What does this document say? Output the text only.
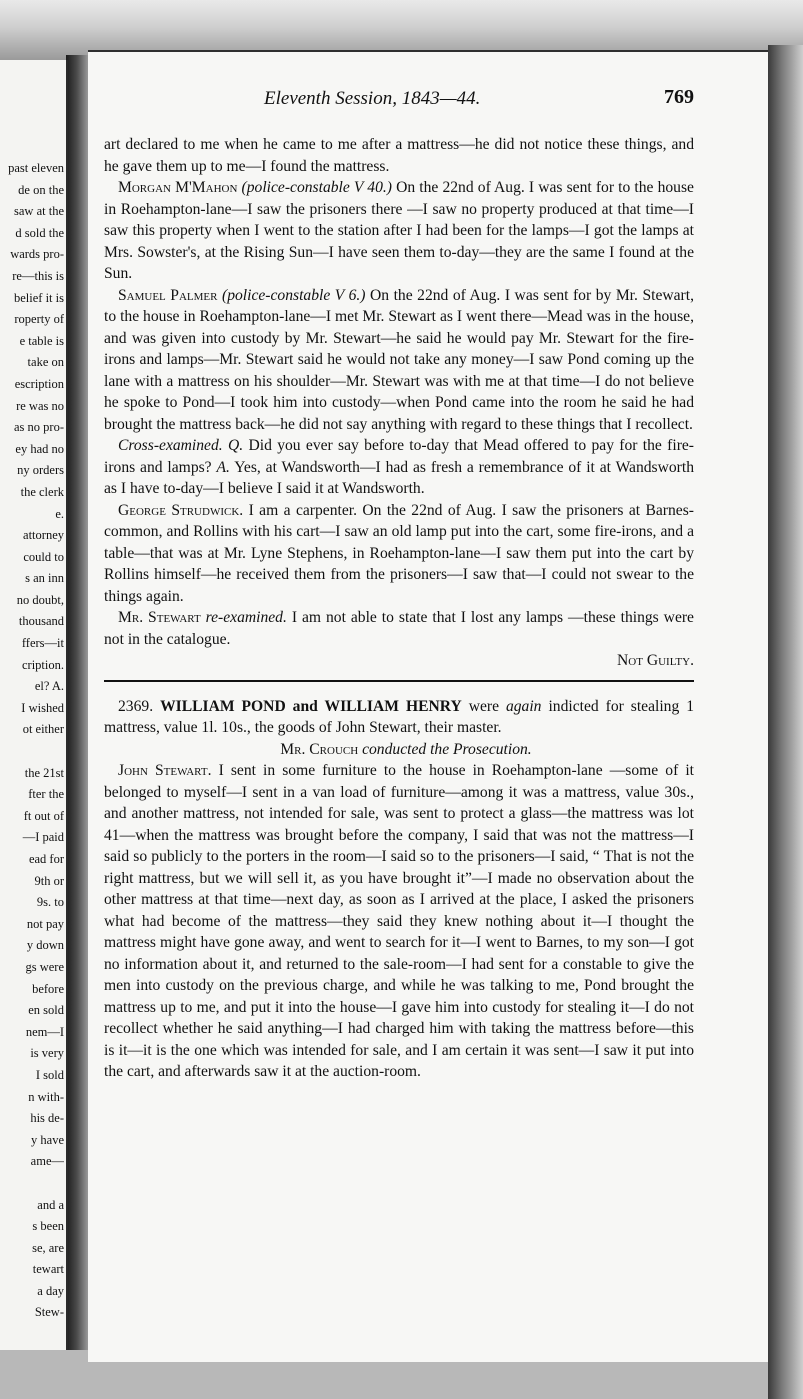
past eleven
de on the
saw at the
d sold the
wards pro-
re—this is
belief it is
roperty of
e table is
take on
escription
re was no
as no pro-
ey had no
ny orders
the clerk
e.
attorney
could to
s an inn
no doubt,
thousand
ffers—it
cription.
el? A.
I wished
ot either

the 21st
fter the
ft out of
—I paid
ead for
9th or
9s. to
not pay
y down
gs were
before
en sold
nem—I
is very
I sold
n with-
his de-
y have
ame—

and a
s been
se, are
tewart
a day
Stew-
Eleventh Session, 1843—44.	769

art declared to me when he came to me after a mattress—he did not notice these things, and he gave them up to me—I found the mattress.

Morgan M'Mahon (police-constable V 40.) On the 22nd of Aug. I was sent for to the house in Roehampton-lane—I saw the prisoners there —I saw no property produced at that time—I saw this property when I went to the station after I had been for the lamps—I got the lamps at Mrs. Sowster's, at the Rising Sun—I have seen them to-day—they are the same I found at the Sun.

Samuel Palmer (police-constable V 6.) On the 22nd of Aug. I was sent for by Mr. Stewart, to the house in Roehampton-lane—I met Mr. Stewart as I went there—Mead was in the house, and was given into custody by Mr. Stewart—he said he would pay Mr. Stewart for the fire-irons and lamps—Mr. Stewart said he would not take any money—I saw Pond coming up the lane with a mattress on his shoulder—Mr. Stewart was with me at that time—I do not believe he spoke to Pond—I took him into custody—when Pond came into the room he said he had brought the mattress back—he did not say anything with regard to these things that I recollect.

Cross-examined. Q. Did you ever say before to-day that Mead offered to pay for the fire-irons and lamps? A. Yes, at Wandsworth—I had as fresh a remembrance of it at Wandsworth as I have to-day—I believe I said it at Wandsworth.

George Strudwick. I am a carpenter. On the 22nd of Aug. I saw the prisoners at Barnes-common, and Rollins with his cart—I saw an old lamp put into the cart, some fire-irons, and a table—that was at Mr. Lyne Stephens, in Roehampton-lane—I saw them put into the cart by Rollins himself—he received them from the prisoners—I saw that—I could not swear to the things again.

Mr. Stewart re-examined. I am not able to state that I lost any lamps —these things were not in the catalogue.

Not Guilty.

2369. WILLIAM POND and WILLIAM HENRY were again indicted for stealing 1 mattress, value 1l. 10s., the goods of John Stewart, their master.

Mr. Crouch conducted the Prosecution.

John Stewart. I sent in some furniture to the house in Roehampton-lane —some of it belonged to myself—I sent in a van load of furniture—among it was a mattress, value 30s., and another mattress, not intended for sale, was sent to protect a glass—the mattress was lot 41—when the mattress was brought before the company, I said that was not the mattress—I said so publicly to the porters in the room—I said so to the prisoners—I said, “ That is not the right mattress, but we will sell it, as you have brought it”—I made no observation about the other mattress at that time—next day, as soon as I arrived at the place, I asked the prisoners what had become of the mattress—they said they knew nothing about it—I thought the mattress might have gone away, and went to search for it—I went to Barnes, to my son—I got no information about it, and returned to the sale-room—I had sent for a constable to give the men into custody on the previous charge, and while he was talking to me, Pond brought the mattress up to me, and put it into the house—I gave him into custody for stealing it—I do not recollect whether he said anything—I had charged him with taking the mattress before—this is it—it is the one which was intended for sale, and I am certain it was sent—I saw it put into the cart, and afterwards saw it at the auction-room.
